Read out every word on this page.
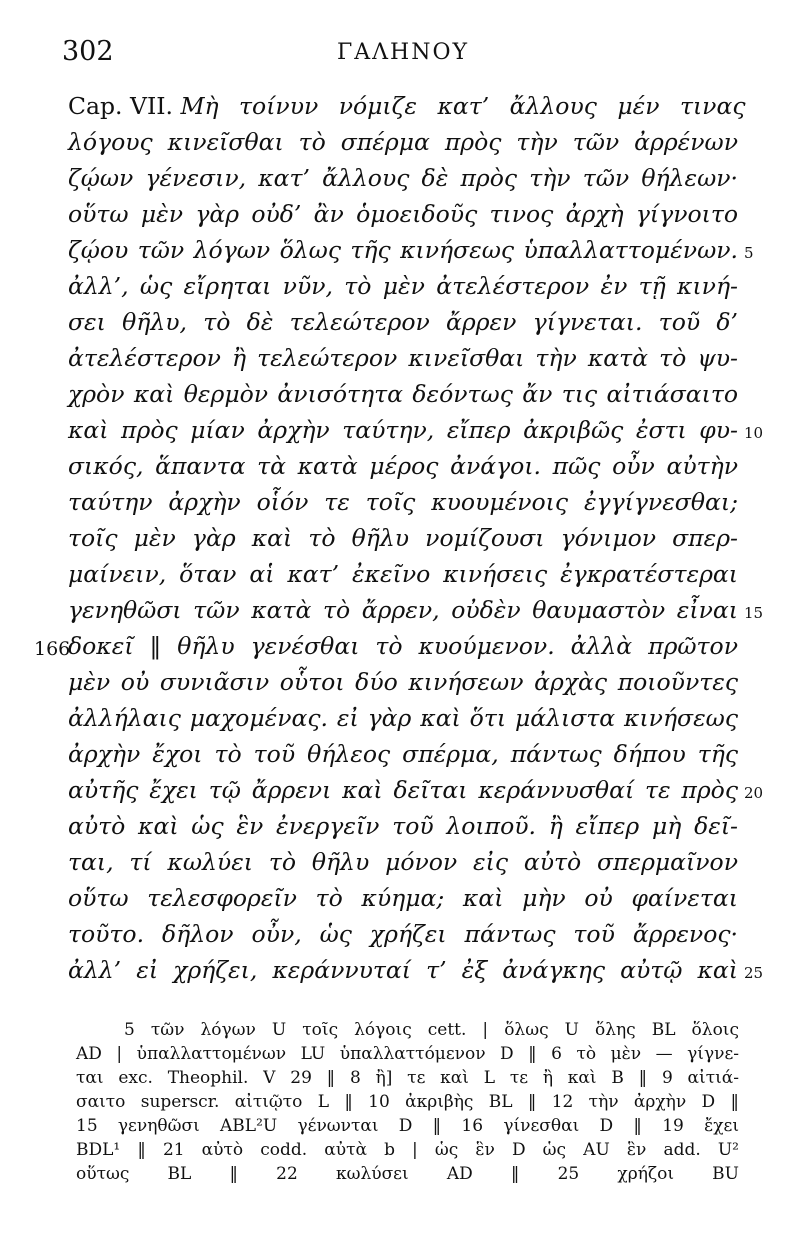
302	ΓΑΛΗΝΟΥ
Cap. VII. Μὴ τοίνυν νόμιζε κατ’ ἄλλους μέν τινας
λόγους κινεῖσθαι τὸ σπέρμα πρὸς τὴν τῶν ἀρρένων
ζῴων γένεσιν, κατ’ ἄλλους δὲ πρὸς τὴν τῶν θήλεων·
οὕτω μὲν γὰρ οὐδ’ ἂν ὁμοειδοῦς τινος ἀρχὴ γίγνοιτο
ζῴου τῶν λόγων ὅλως τῆς κινήσεως ὑπαλλαττομένων.
ἀλλ’, ὡς εἴρηται νῦν, τὸ μὲν ἀτελέστερον ἐν τῇ κινή-
σει θῆλυ, τὸ δὲ τελεώτερον ἄρρεν γίγνεται. τοῦ δ’
ἀτελέστερον ἢ τελεώτερον κινεῖσθαι τὴν κατὰ τὸ ψυ-
χρὸν καὶ θερμὸν ἀνισότητα δεόντως ἄν τις αἰτιάσαιτο
καὶ πρὸς μίαν ἀρχὴν ταύτην, εἴπερ ἀκριβῶς ἐστι φυ-
σικός, ἅπαντα τὰ κατὰ μέρος ἀνάγοι. πῶς οὖν αὐτὴν
ταύτην ἀρχὴν οἷόν τε τοῖς κυουμένοις ἐγγίγνεσθαι;
τοῖς μὲν γὰρ καὶ τὸ θῆλυ νομίζουσι γόνιμον σπερ-
μαίνειν, ὅταν αἱ κατ’ ἐκεῖνο κινήσεις ἐγκρατέστεραι
γενηθῶσι τῶν κατὰ τὸ ἄρρεν, οὐδὲν θαυμαστὸν εἶναι
δοκεῖ ‖ θῆλυ γενέσθαι τὸ κυούμενον. ἀλλὰ πρῶτον
μὲν οὐ συνιᾶσιν οὗτοι δύο κινήσεων ἀρχὰς ποιοῦντες
ἀλλήλαις μαχομένας. εἰ γὰρ καὶ ὅτι μάλιστα κινήσεως
ἀρχὴν ἔχοι τὸ τοῦ θήλεος σπέρμα, πάντως δήπου τῆς
αὐτῆς ἔχει τῷ ἄρρενι καὶ δεῖται κεράννυσθαί τε πρὸς
αὐτὸ καὶ ὡς ἓν ἐνεργεῖν τοῦ λοιποῦ. ἢ εἴπερ μὴ δεῖ-
ται, τί κωλύει τὸ θῆλυ μόνον εἰς αὐτὸ σπερμαῖνον
οὕτω τελεσφορεῖν τὸ κύημα; καὶ μὴν οὐ φαίνεται
τοῦτο. δῆλον οὖν, ὡς χρήζει πάντως τοῦ ἄρρενος·
ἀλλ’ εἰ χρήζει, κεράννυταί τ’ ἐξ ἀνάγκης αὐτῷ καὶ
5
10
15
20
25
166
5 τῶν λόγων U τοῖς λόγοις cett. | ὅλως U ὅλης BL ὅλοις
AD | ὑπαλλαττομένων LU ὑπαλλαττόμενον D ‖ 6 τὸ μὲν — γίγνε-
ται exc. Theophil. V 29 ‖ 8 ἢ] τε καὶ L τε ἢ καὶ B ‖ 9 αἰτιά-
σαιτο superscr. αἰτιῷτο L ‖ 10 ἀκριβὴς BL ‖ 12 τὴν ἀρχὴν D ‖
15 γενηθῶσι ABL²U γένωνται D ‖ 16 γίνεσθαι D ‖ 19 ἔχει
BDL¹ ‖ 21 αὐτὸ codd. αὐτὰ b | ὡς ἓν D ὡς AU ἓν add. U²
οὕτως BL ‖ 22 κωλύσει AD ‖ 25 χρήζοι BU
